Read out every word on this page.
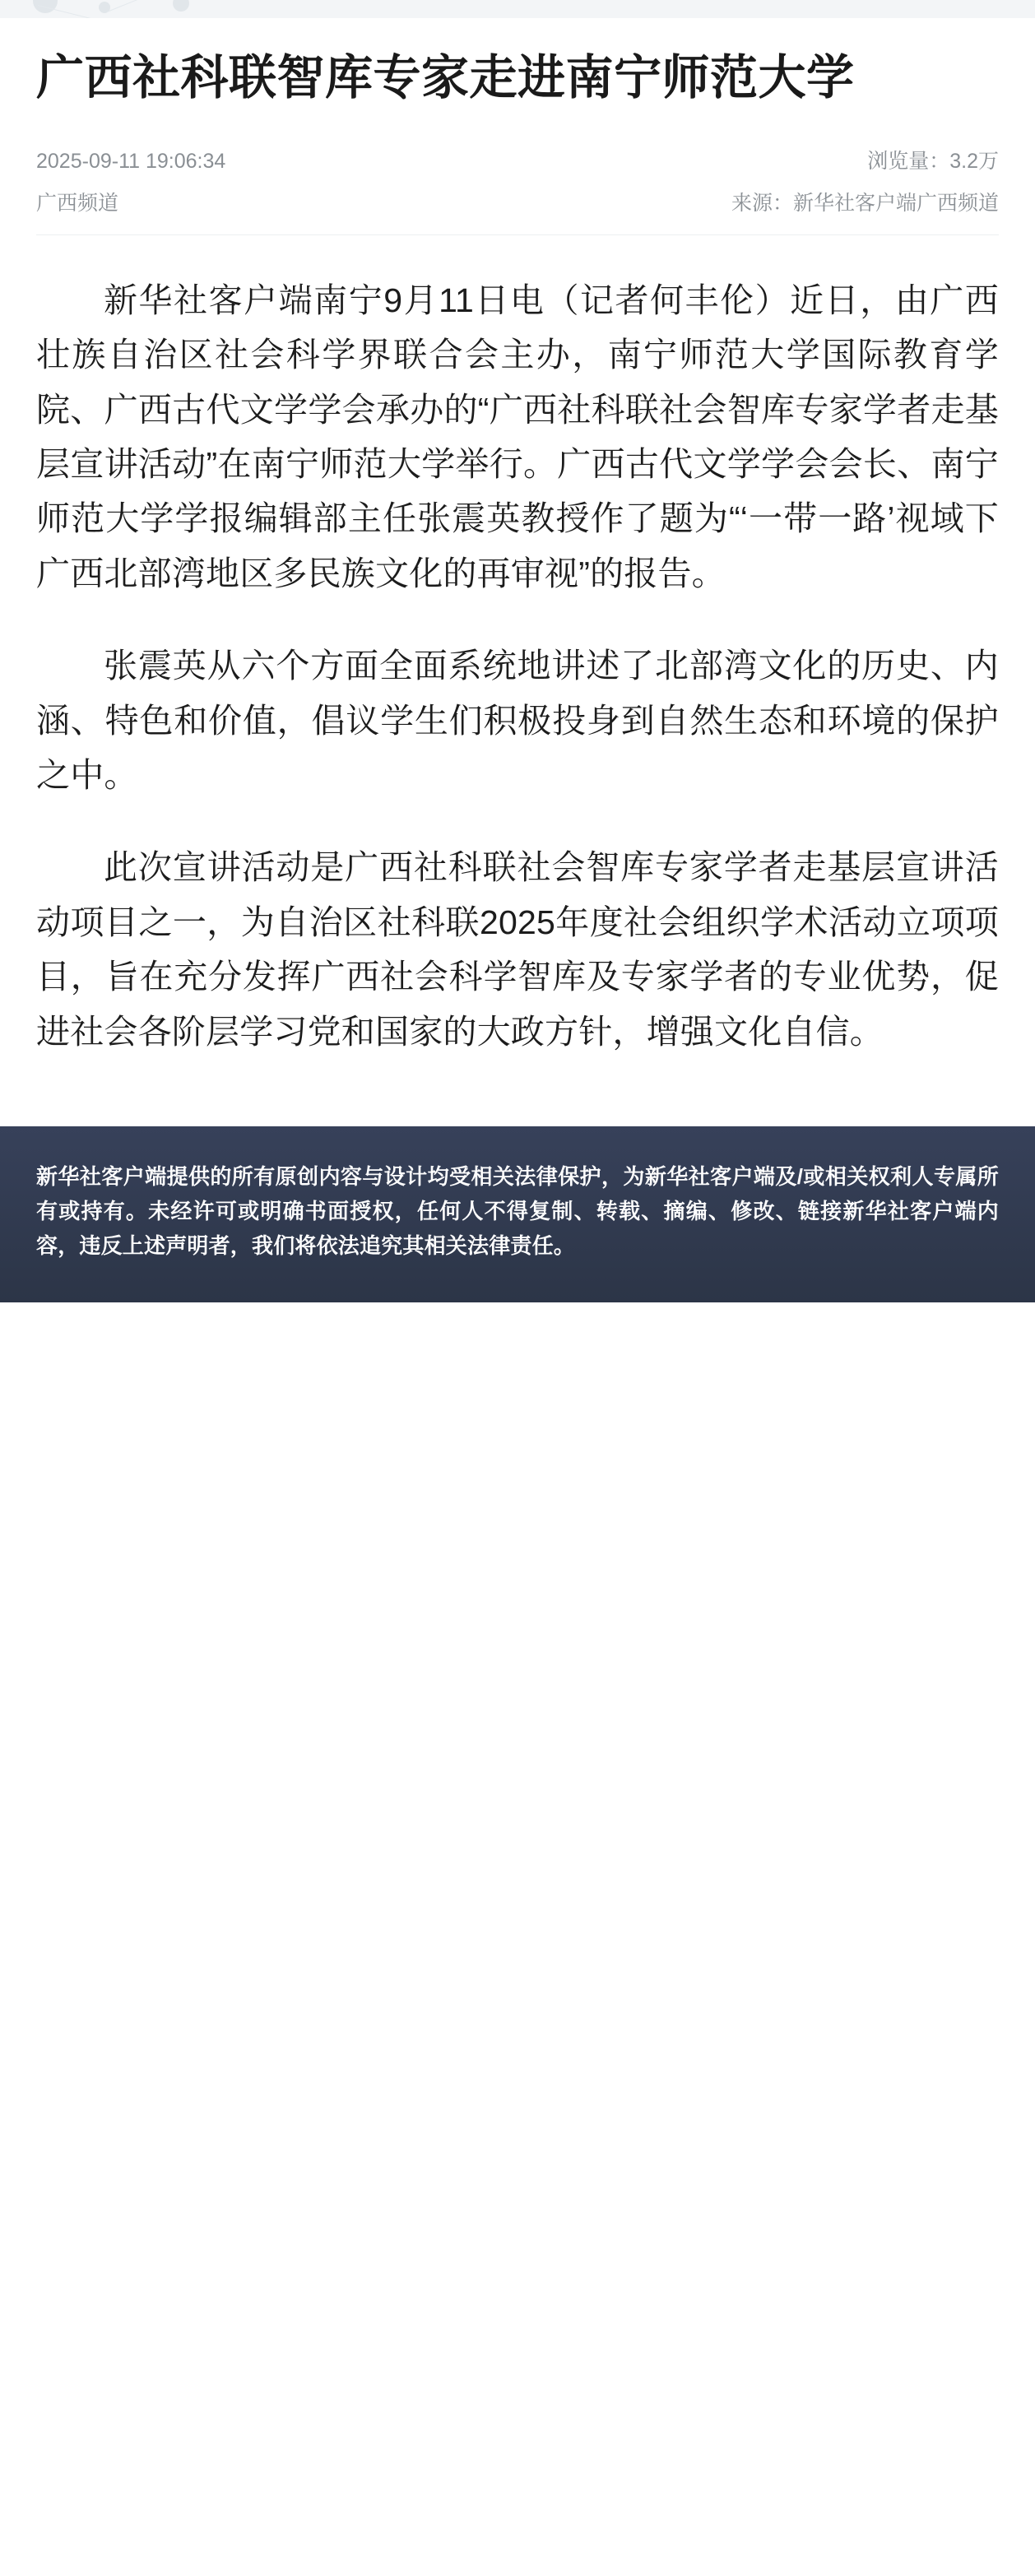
广西社科联智库专家走进南宁师范大学
2025-09-11 19:06:34	浏览量：3.2万
广西频道	来源：新华社客户端广西频道

新华社客户端南宁9月11日电（记者何丰伦）近日，由广西壮族自治区社会科学界联合会主办，南宁师范大学国际教育学院、广西古代文学学会承办的“广西社科联社会智库专家学者走基层宣讲活动”在南宁师范大学举行。广西古代文学学会会长、南宁师范大学学报编辑部主任张震英教授作了题为“‘一带一路’视域下广西北部湾地区多民族文化的再审视”的报告。

张震英从六个方面全面系统地讲述了北部湾文化的历史、内涵、特色和价值，倡议学生们积极投身到自然生态和环境的保护之中。

此次宣讲活动是广西社科联社会智库专家学者走基层宣讲活动项目之一，为自治区社科联2025年度社会组织学术活动立项项目，旨在充分发挥广西社会科学智库及专家学者的专业优势，促进社会各阶层学习党和国家的大政方针，增强文化自信。

新华社客户端提供的所有原创内容与设计均受相关法律保护，为新华社客户端及/或相关权利人专属所有或持有。未经许可或明确书面授权，任何人不得复制、转载、摘编、修改、链接新华社客户端内容，违反上述声明者，我们将依法追究其相关法律责任。
